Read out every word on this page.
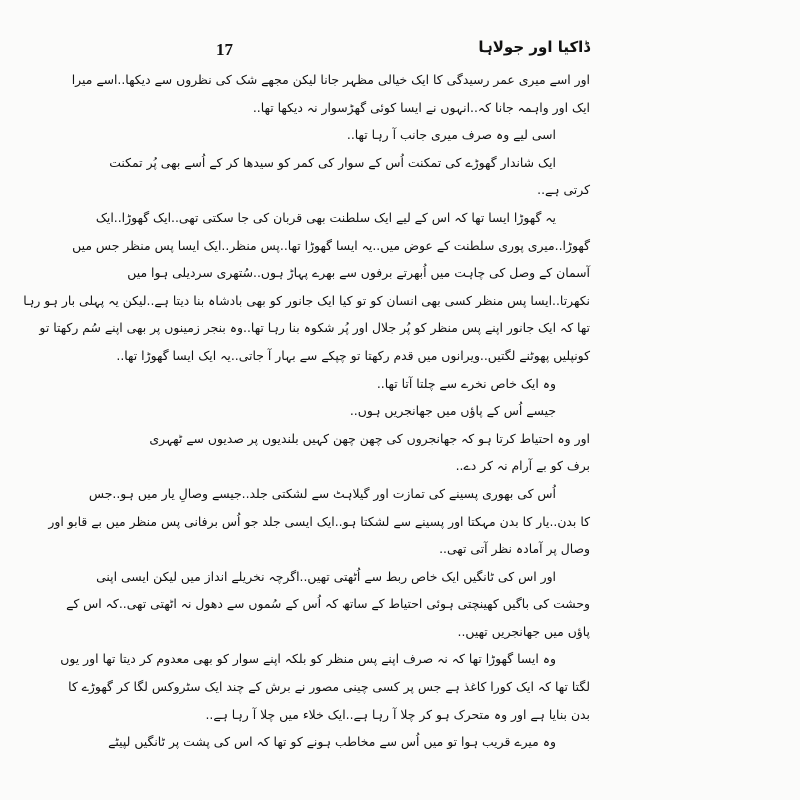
17	ڈاکیا اور جولاہا
اور اسے میری عمر رسیدگی کا ایک خیالی مظہر جانا لیکن مجھے شک کی نظروں سے دیکھا..اسے میرا
ایک اور واہمہ جانا کہ..انہوں نے ایسا کوئی گھڑسوار نہ دیکھا تھا..
اسی لیے وہ صرف میری جانب آ رہا تھا..
ایک شاندار گھوڑے کی تمکنت اُس کے سوار کی کمر کو سیدھا کر کے اُسے بھی پُر تمکنت
کرتی ہے..
یہ گھوڑا ایسا تھا کہ اس کے لیے ایک سلطنت بھی قربان کی جا سکتی تھی..ایک گھوڑا..ایک
گھوڑا..میری پوری سلطنت کے عوض میں..یہ ایسا گھوڑا تھا..پس منظر..ایک ایسا پس منظر جس میں
آسمان کے وصل کی چاہت میں اُبھرتے برفوں سے بھرے پہاڑ ہوں..سُتھری سردیلی ہوا میں
نکھرتا..ایسا پس منظر کسی بھی انسان کو تو کیا ایک جانور کو بھی بادشاہ بنا دیتا ہے..لیکن یہ پہلی بار ہو رہا
تھا کہ ایک جانور اپنے پس منظر کو پُر جلال اور پُر شکوہ بنا رہا تھا..وہ بنجر زمینوں پر بھی اپنے سُم رکھتا تو
کونپلیں پھوٹنے لگتیں..ویرانوں میں قدم رکھتا تو چپکے سے بہار آ جاتی..یہ ایک ایسا گھوڑا تھا..
وہ ایک خاص نخرے سے چلتا آتا تھا..
جیسے اُس کے پاؤں میں جھانجریں ہوں..
اور وہ احتیاط کرتا ہو کہ جھانجروں کی چھن چھن کہیں بلندیوں پر صدیوں سے ٹھہری
برف کو بے آرام نہ کر دے..
اُس کی بھوری پسینے کی تمازت اور گیلاہٹ سے لشکتی جلد..جیسے وصالِ یار میں ہو..جس
کا بدن..یار کا بدن مہکتا اور پسینے سے لشکتا ہو..ایک ایسی جلد جو اُس برفانی پس منظر میں بے قابو اور
وصال پر آمادہ نظر آتی تھی..
اور اس کی ٹانگیں ایک خاص ربط سے اُٹھتی تھیں..اگرچہ نخریلے انداز میں لیکن ایسی اپنی
وحشت کی باگیں کھینچتی ہوئی احتیاط کے ساتھ کہ اُس کے سُموں سے دھول نہ اٹھتی تھی..کہ اس کے
پاؤں میں جھانجریں تھیں..
وہ ایسا گھوڑا تھا کہ نہ صرف اپنے پس منظر کو بلکہ اپنے سوار کو بھی معدوم کر دیتا تھا اور یوں
لگتا تھا کہ ایک کورا کاغذ ہے جس پر کسی چینی مصور نے برش کے چند ایک سٹروکس لگا کر گھوڑے کا
بدن بنایا ہے اور وہ متحرک ہو کر چلا آ رہا ہے..ایک خلاء میں چلا آ رہا ہے..
وہ میرے قریب ہوا تو میں اُس سے مخاطب ہونے کو تھا کہ اس کی پشت پر ٹانگیں لپیٹے
